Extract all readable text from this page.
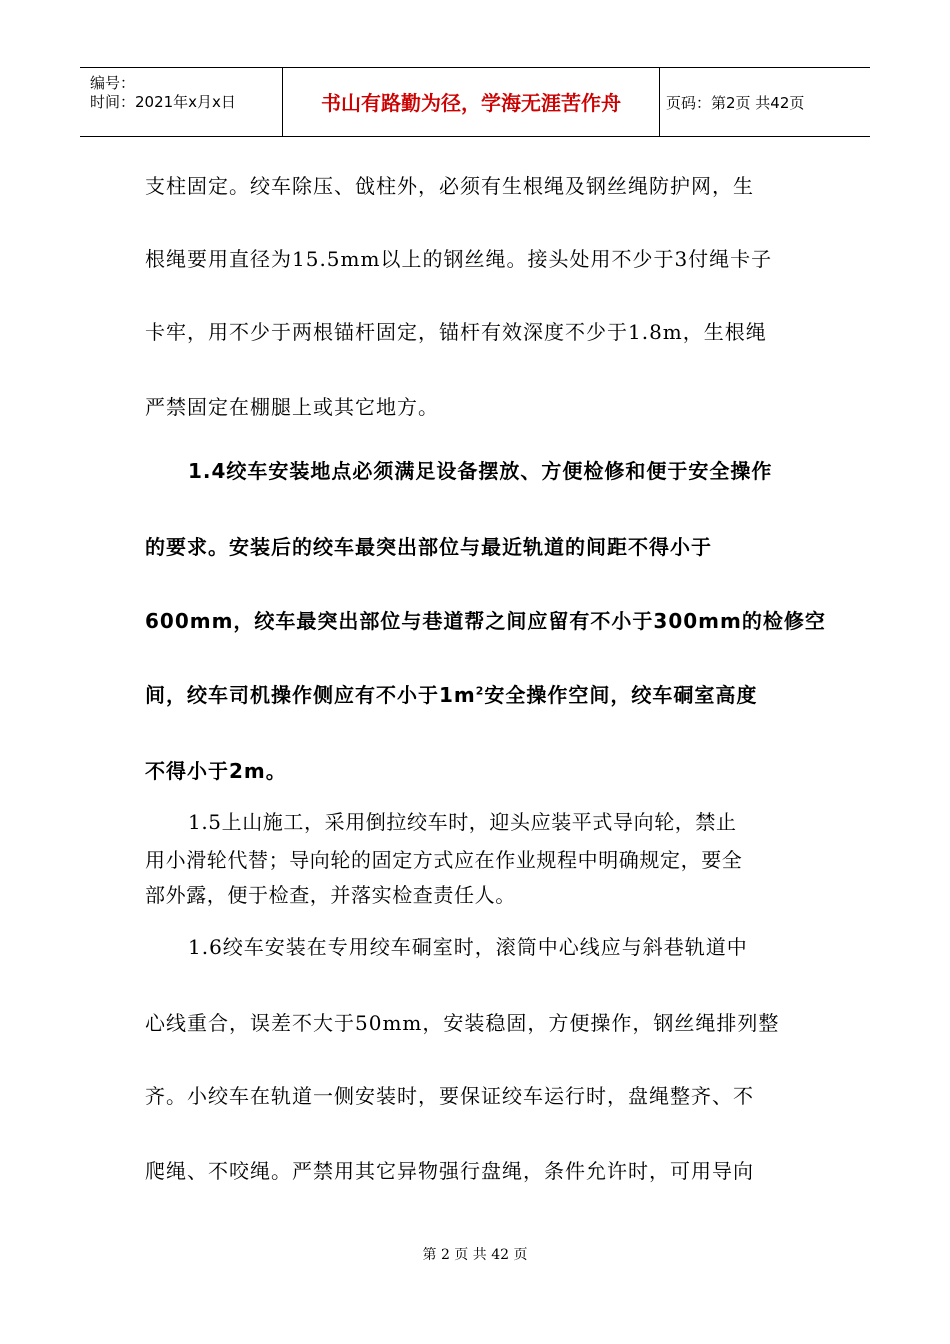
编号：
时间：2021年x月x日	书山有路勤为径，学海无涯苦作舟	页码：第2页 共42页
支柱固定。绞车除压、戗柱外，必须有生根绳及钢丝绳防护网，生
根绳要用直径为15.5mm以上的钢丝绳。接头处用不少于3付绳卡子
卡牢，用不少于两根锚杆固定，锚杆有效深度不少于1.8m，生根绳
严禁固定在棚腿上或其它地方。
1.4绞车安装地点必须满足设备摆放、方便检修和便于安全操作
的要求。安装后的绞车最突出部位与最近轨道的间距不得小于
600mm，绞车最突出部位与巷道帮之间应留有不小于300mm的检修空
间，绞车司机操作侧应有不小于$1m^2$安全操作空间，绞车硐室高度
不得小于2m。
1.5上山施工，采用倒拉绞车时，迎头应装平式导向轮，禁止
用小滑轮代替；导向轮的固定方式应在作业规程中明确规定，要全
部外露，便于检查，并落实检查责任人。
1.6绞车安装在专用绞车硐室时，滚筒中心线应与斜巷轨道中
心线重合，误差不大于50mm，安装稳固，方便操作，钢丝绳排列整
齐。小绞车在轨道一侧安装时，要保证绞车运行时，盘绳整齐、不
爬绳、不咬绳。严禁用其它异物强行盘绳，条件允许时，可用导向
第 2 页 共 42 页
